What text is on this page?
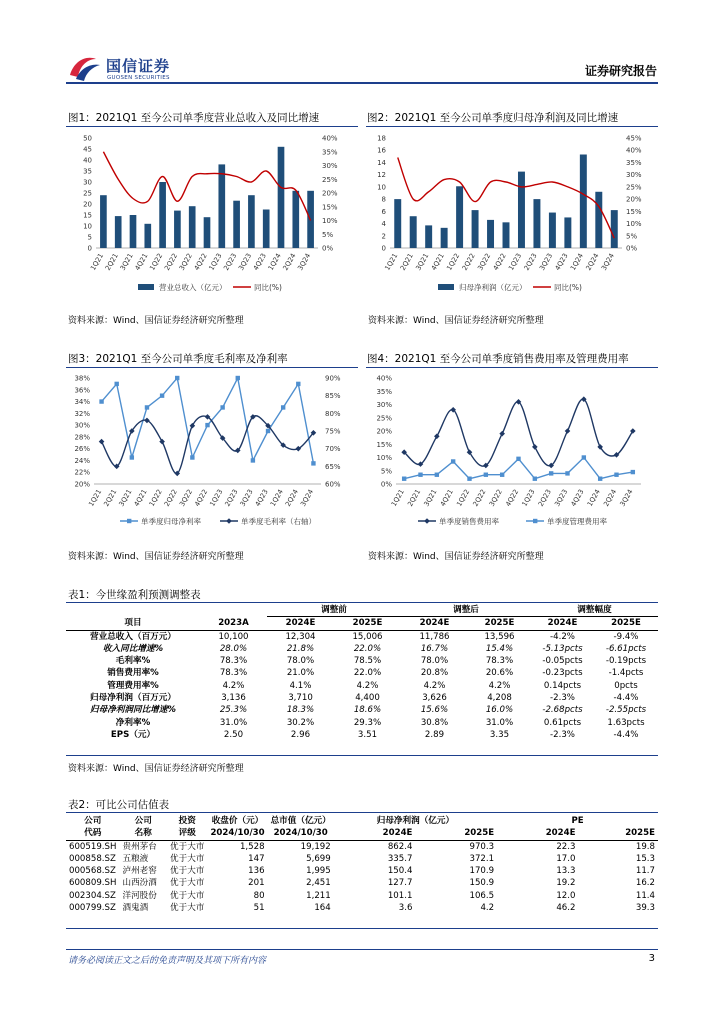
国信证券
GUOSEN SECURITIES	证券研究报告
图1：2021Q1 至今公司单季度营业总收入及同比增速
0
5
10
15
20
25
30
35
40
45
50
0%
5%
10%
15%
20%
25%
30%
35%
40%
1Q21
2Q21
3Q21
4Q21
1Q22
2Q22
3Q22
4Q22
1Q23
2Q23
3Q23
4Q23
1Q24
2Q24
3Q24
营业总收入（亿元）	同比(%)
资料来源：Wind、国信证券经济研究所整理
图2：2021Q1 至今公司单季度归母净利润及同比增速
0
2
4
6
8
10
12
14
16
18
0%
5%
10%
15%
20%
25%
30%
35%
40%
45%
1Q21 2Q21 3Q21 4Q21 1Q22 2Q22 3Q22 4Q22 1Q23 2Q23 3Q23 4Q23 1Q24 2Q24 3Q24
归母净利润（亿元）	同比(%)
资料来源：Wind、国信证券经济研究所整理
图3：2021Q1 至今公司单季度毛利率及净利率
20%
22%
24%
26%
28%
30%
32%
34%
36%
38%
60%
65%
70%
75%
80%
85%
90%
1Q21 2Q21 3Q21 4Q21 1Q22 2Q22 3Q22 4Q22 1Q23 2Q23 3Q23 4Q23 1Q24 2Q24 3Q24
单季度归母净利率	单季度毛利率（右轴）
资料来源：Wind、国信证券经济研究所整理
图4：2021Q1 至今公司单季度销售费用率及管理费用率
0%
5%
10%
15%
20%
25%
30%
35%
40%
1Q21 2Q21 3Q21 4Q21 1Q22 2Q22 3Q22 4Q22 1Q23 2Q23 3Q23 4Q23 1Q24 2Q24 3Q24
单季度销售费用率	单季度管理费用率
资料来源：Wind、国信证券经济研究所整理
表1：今世缘盈利预测调整表
		调整前		调整后		调整幅度	
项目	2023A	2024E	2025E	2024E	2025E	2024E	2025E
营业总收入（百万元）	10,100	12,304	15,006	11,786	13,596	-4.2%	-9.4%
收入同比增速%	28.0%	21.8%	22.0%	16.7%	15.4%	-5.13pcts	-6.61pcts
毛利率%	78.3%	78.0%	78.5%	78.0%	78.3%	-0.05pcts	-0.19pcts
销售费用率%	78.3%	21.0%	22.0%	20.8%	20.6%	-0.23pcts	-1.4pcts
管理费用率%	4.2%	4.1%	4.2%	4.2%	4.2%	0.14pcts	0pcts
归母净利润（百万元）	3,136	3,710	4,400	3,626	4,208	-2.3%	-4.4%
归母净利润同比增速%	25.3%	18.3%	18.6%	15.6%	16.0%	-2.68pcts	-2.55pcts
净利率%	31.0%	30.2%	29.3%	30.8%	31.0%	0.61pcts	1.63pcts
EPS（元）	2.50	2.96	3.51	2.89	3.35	-2.3%	-4.4%
资料来源：Wind、国信证券经济研究所整理
表2：可比公司估值表
公司	公司	投资	收盘价（元）	总市值（亿元）	归母净利润（亿元）		PE	
代码	名称	评级	2024/10/30	2024/10/30	2024E	2025E	2024E	2025E
600519.SH	贵州茅台	优于大市	1,528	19,192	862.4	970.3	22.3	19.8
000858.SZ	五粮液	优于大市	147	5,699	335.7	372.1	17.0	15.3
000568.SZ	泸州老窖	优于大市	136	1,995	150.4	170.9	13.3	11.7
600809.SH	山西汾酒	优于大市	201	2,451	127.7	150.9	19.2	16.2
002304.SZ	洋河股份	优于大市	80	1,211	101.1	106.5	12.0	11.4
000799.SZ	酒鬼酒	优于大市	51	164	3.6	4.2	46.2	39.3
请务必阅读正文之后的免责声明及其项下所有内容	3
